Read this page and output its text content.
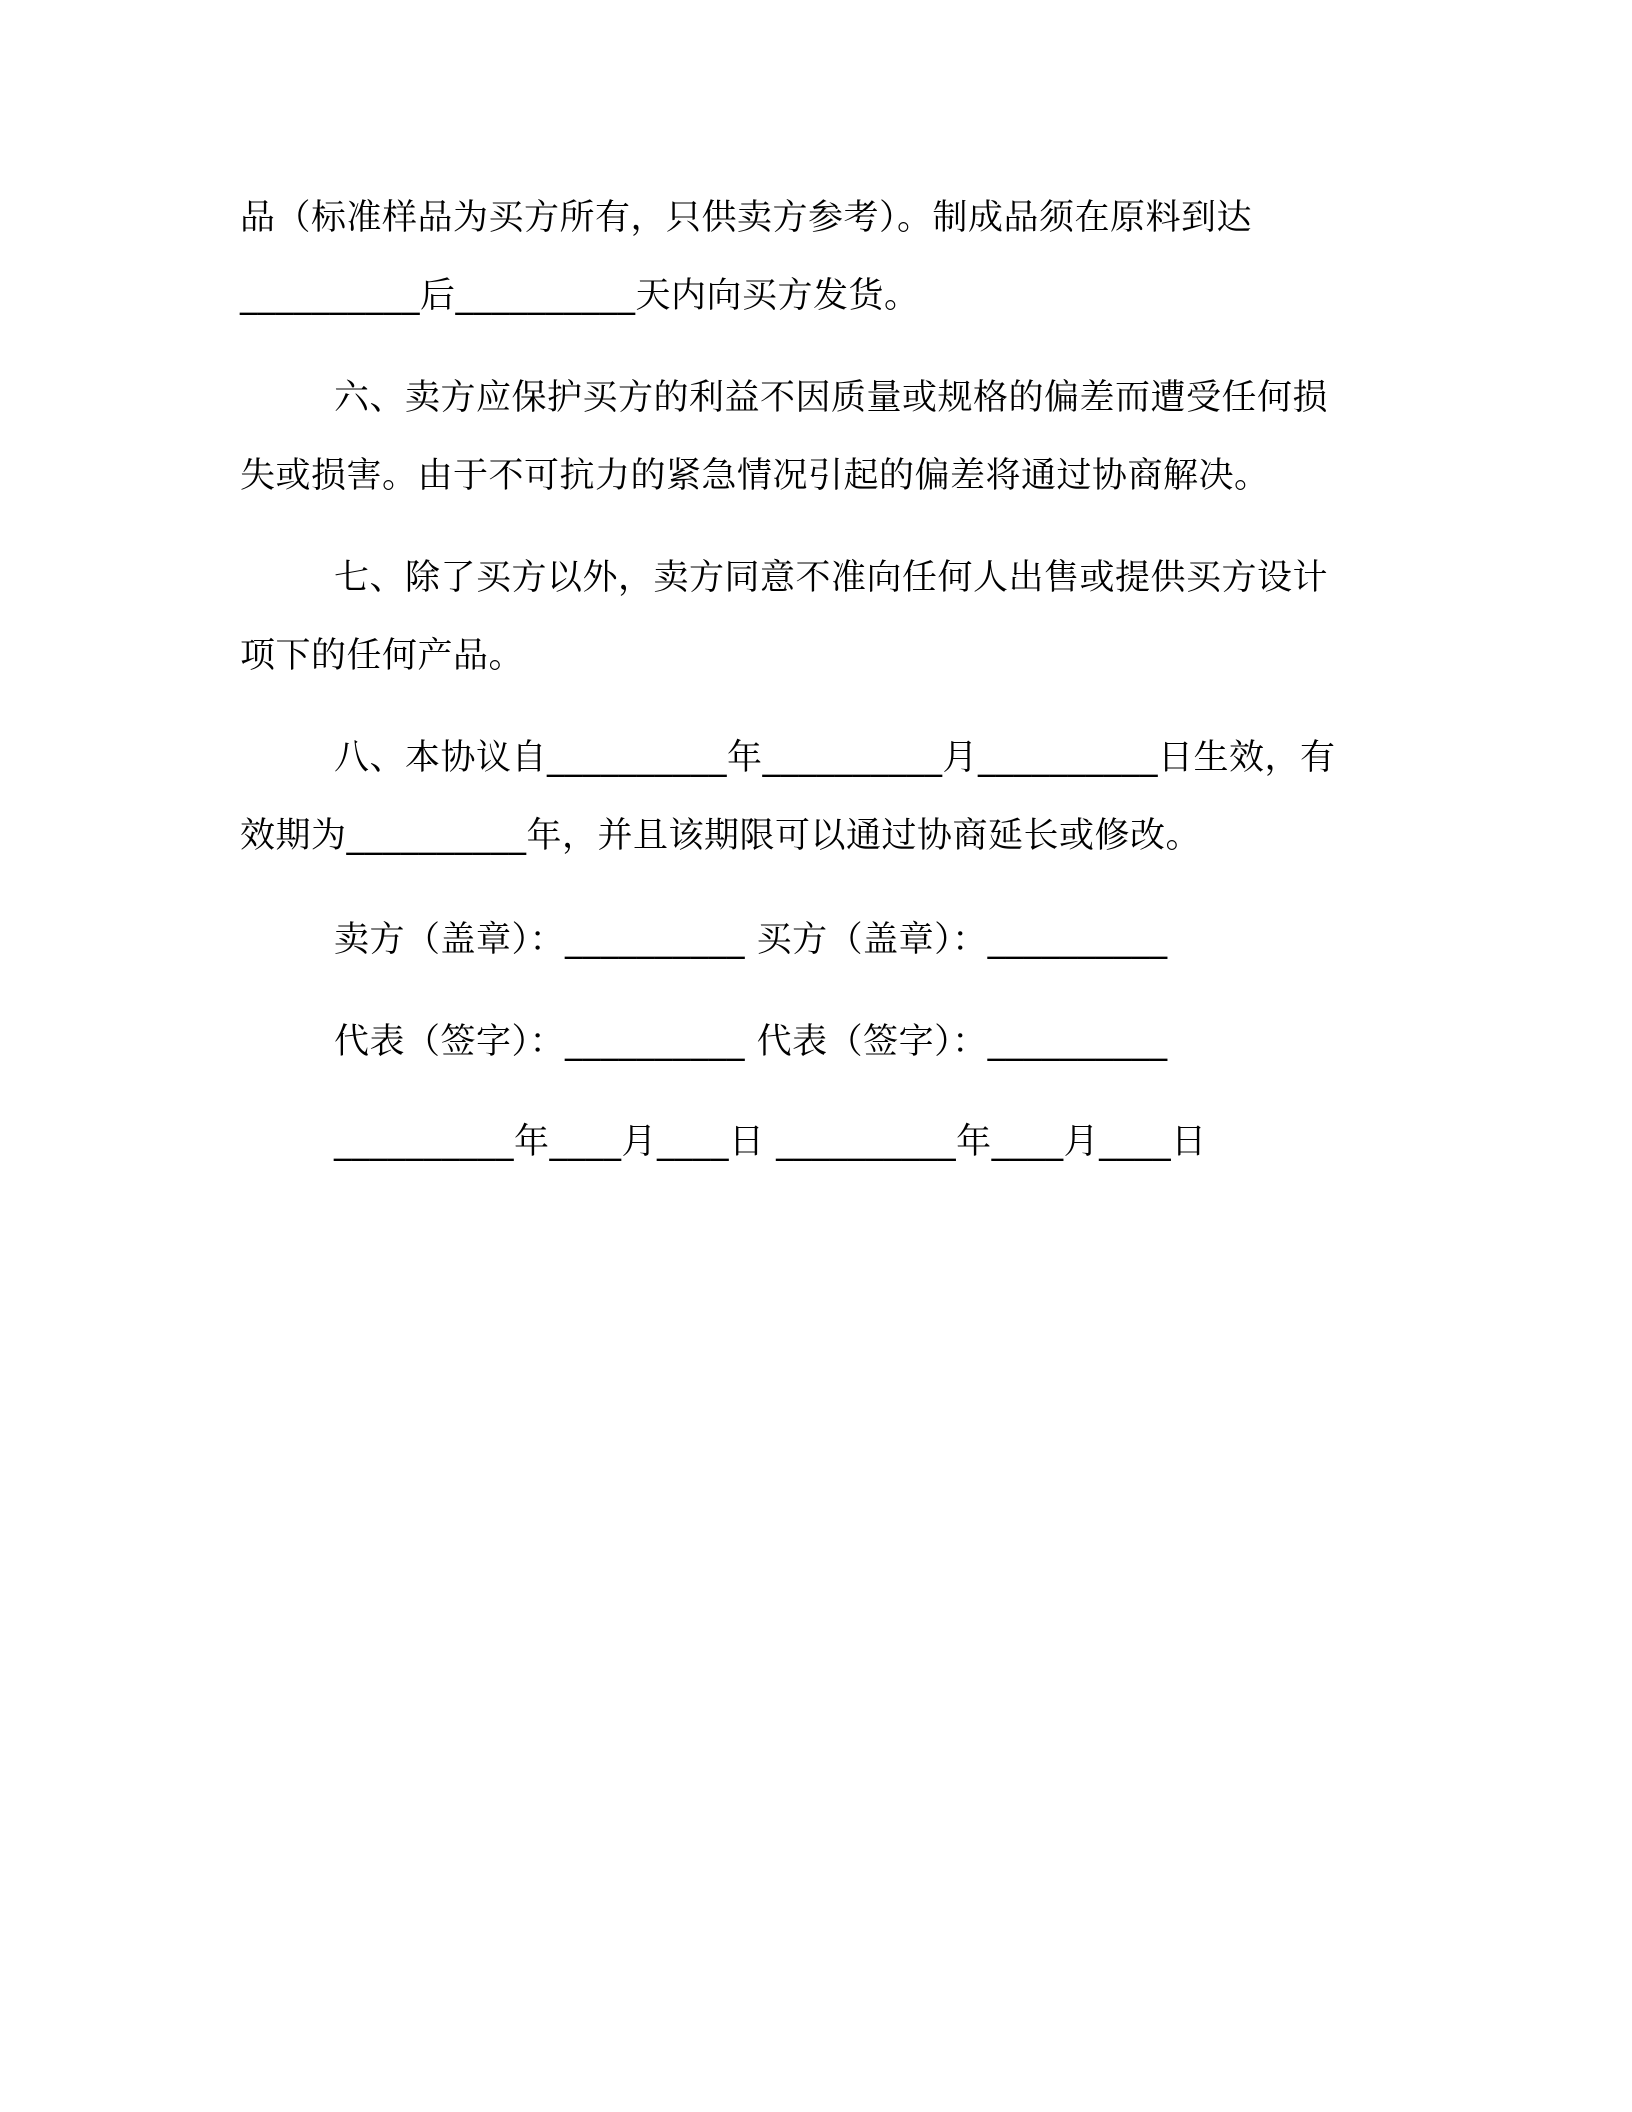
品（标准样品为买方所有，只供卖方参考）。制成品须在原料到达
__________后__________天内向买方发货。
六、卖方应保护买方的利益不因质量或规格的偏差而遭受任何损
失或损害。由于不可抗力的紧急情况引起的偏差将通过协商解决。
七、除了买方以外，卖方同意不准向任何人出售或提供买方设计
项下的任何产品。
八、本协议自__________年__________月__________日生效，有
效期为__________年，并且该期限可以通过协商延长或修改。
卖方（盖章）：__________ 买方（盖章）：__________
代表（签字）：__________ 代表（签字）：__________
__________年____月____日 __________年____月____日
